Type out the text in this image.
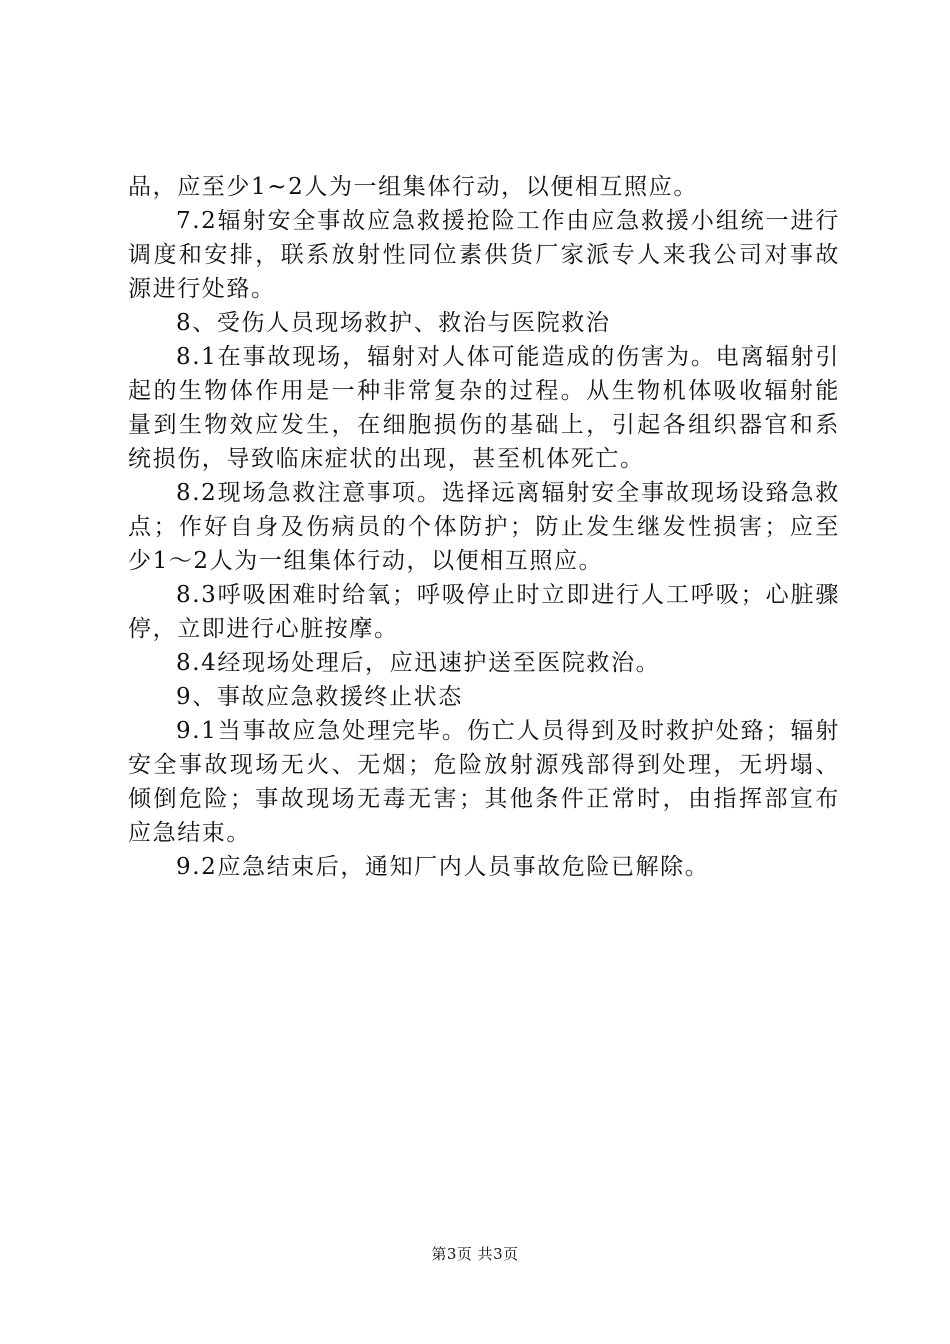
品，应至少1~2人为一组集体行动，以便相互照应。

7.2辐射安全事故应急救援抢险工作由应急救援小组统一进行调度和安排，联系放射性同位素供货厂家派专人来我公司对事故源进行处臵。

8、受伤人员现场救护、救治与医院救治

8.1在事故现场，辐射对人体可能造成的伤害为。电离辐射引起的生物体作用是一种非常复杂的过程。从生物机体吸收辐射能量到生物效应发生，在细胞损伤的基础上，引起各组织器官和系统损伤，导致临床症状的出现，甚至机体死亡。

8.2现场急救注意事项。选择远离辐射安全事故现场设臵急救点；作好自身及伤病员的个体防护；防止发生继发性损害；应至少1～2人为一组集体行动，以便相互照应。

8.3呼吸困难时给氧；呼吸停止时立即进行人工呼吸；心脏骤停，立即进行心脏按摩。

8.4经现场处理后，应迅速护送至医院救治。

9、事故应急救援终止状态

9.1当事故应急处理完毕。伤亡人员得到及时救护处臵；辐射安全事故现场无火、无烟；危险放射源残部得到处理，无坍塌、倾倒危险；事故现场无毒无害；其他条件正常时，由指挥部宣布应急结束。

9.2应急结束后，通知厂内人员事故危险已解除。

第3页 共3页
